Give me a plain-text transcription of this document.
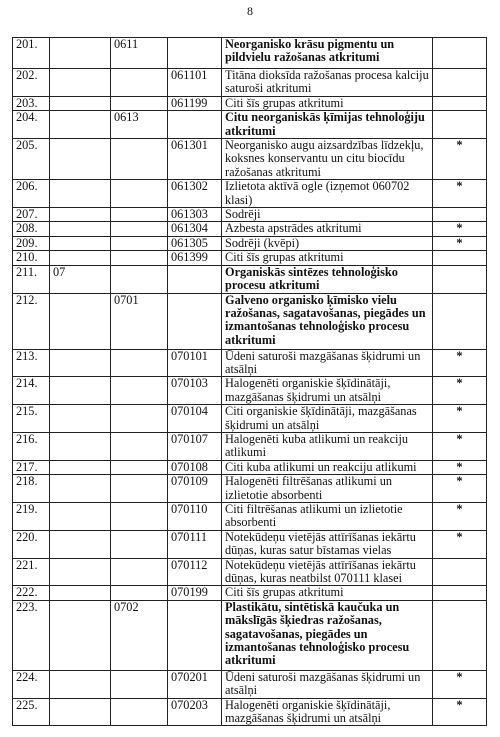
8
201.		0611		Neorganisko krāsu pigmentu un pildvielu ražošanas atkritumi	
202.			061101	Titāna dioksīda ražošanas procesa kalciju saturoši atkritumi	
203.			061199	Citi šīs grupas atkritumi	
204.		0613		Citu neorganiskās ķīmijas tehnoloģiju atkritumi	
205.			061301	Neorganisko augu aizsardzības līdzekļu, koksnes konservantu un citu biocīdu ražošanas atkritumi	*
206.			061302	Izlietota aktīvā ogle (izņemot 060702 klasi)	*
207.			061303	Sodrēji	
208.			061304	Azbesta apstrādes atkritumi	*
209.			061305	Sodrēji (kvēpi)	*
210.			061399	Citi šīs grupas atkritumi	
211.	07			Organiskās sintēzes tehnoloģisko procesu atkritumi	
212.		0701		Galveno organisko ķīmisko vielu ražošanas, sagatavošanas, piegādes un izmantošanas tehnoloģisko procesu atkritumi	
213.			070101	Ūdeni saturoši mazgāšanas šķidrumi un atsālņi	*
214.			070103	Halogenēti organiskie šķīdinātāji, mazgāšanas šķidrumi un atsālņi	*
215.			070104	Citi organiskie šķīdinātāji, mazgāšanas šķidrumi un atsālņi	*
216.			070107	Halogenēti kuba atlikumi un reakciju atlikumi	*
217.			070108	Citi kuba atlikumi un reakciju atlikumi	*
218.			070109	Halogenēti filtrēšanas atlikumi un izlietotie absorbenti	*
219.			070110	Citi filtrēšanas atlikumi un izlietotie absorbenti	*
220.			070111	Notekūdeņu vietējās attīrīšanas iekārtu dūņas, kuras satur bīstamas vielas	*
221.			070112	Notekūdeņu vietējās attīrīšanas iekārtu dūņas, kuras neatbilst 070111 klasei	
222.			070199	Citi šīs grupas atkritumi	
223.		0702		Plastikātu, sintētiskā kaučuka un mākslīgās šķiedras ražošanas, sagatavošanas, piegādes un izmantošanas tehnoloģisko procesu atkritumi	
224.			070201	Ūdeni saturoši mazgāšanas šķidrumi un atsālņi	*
225.			070203	Halogenēti organiskie šķīdinātāji, mazgāšanas šķidrumi un atsālņi	*
